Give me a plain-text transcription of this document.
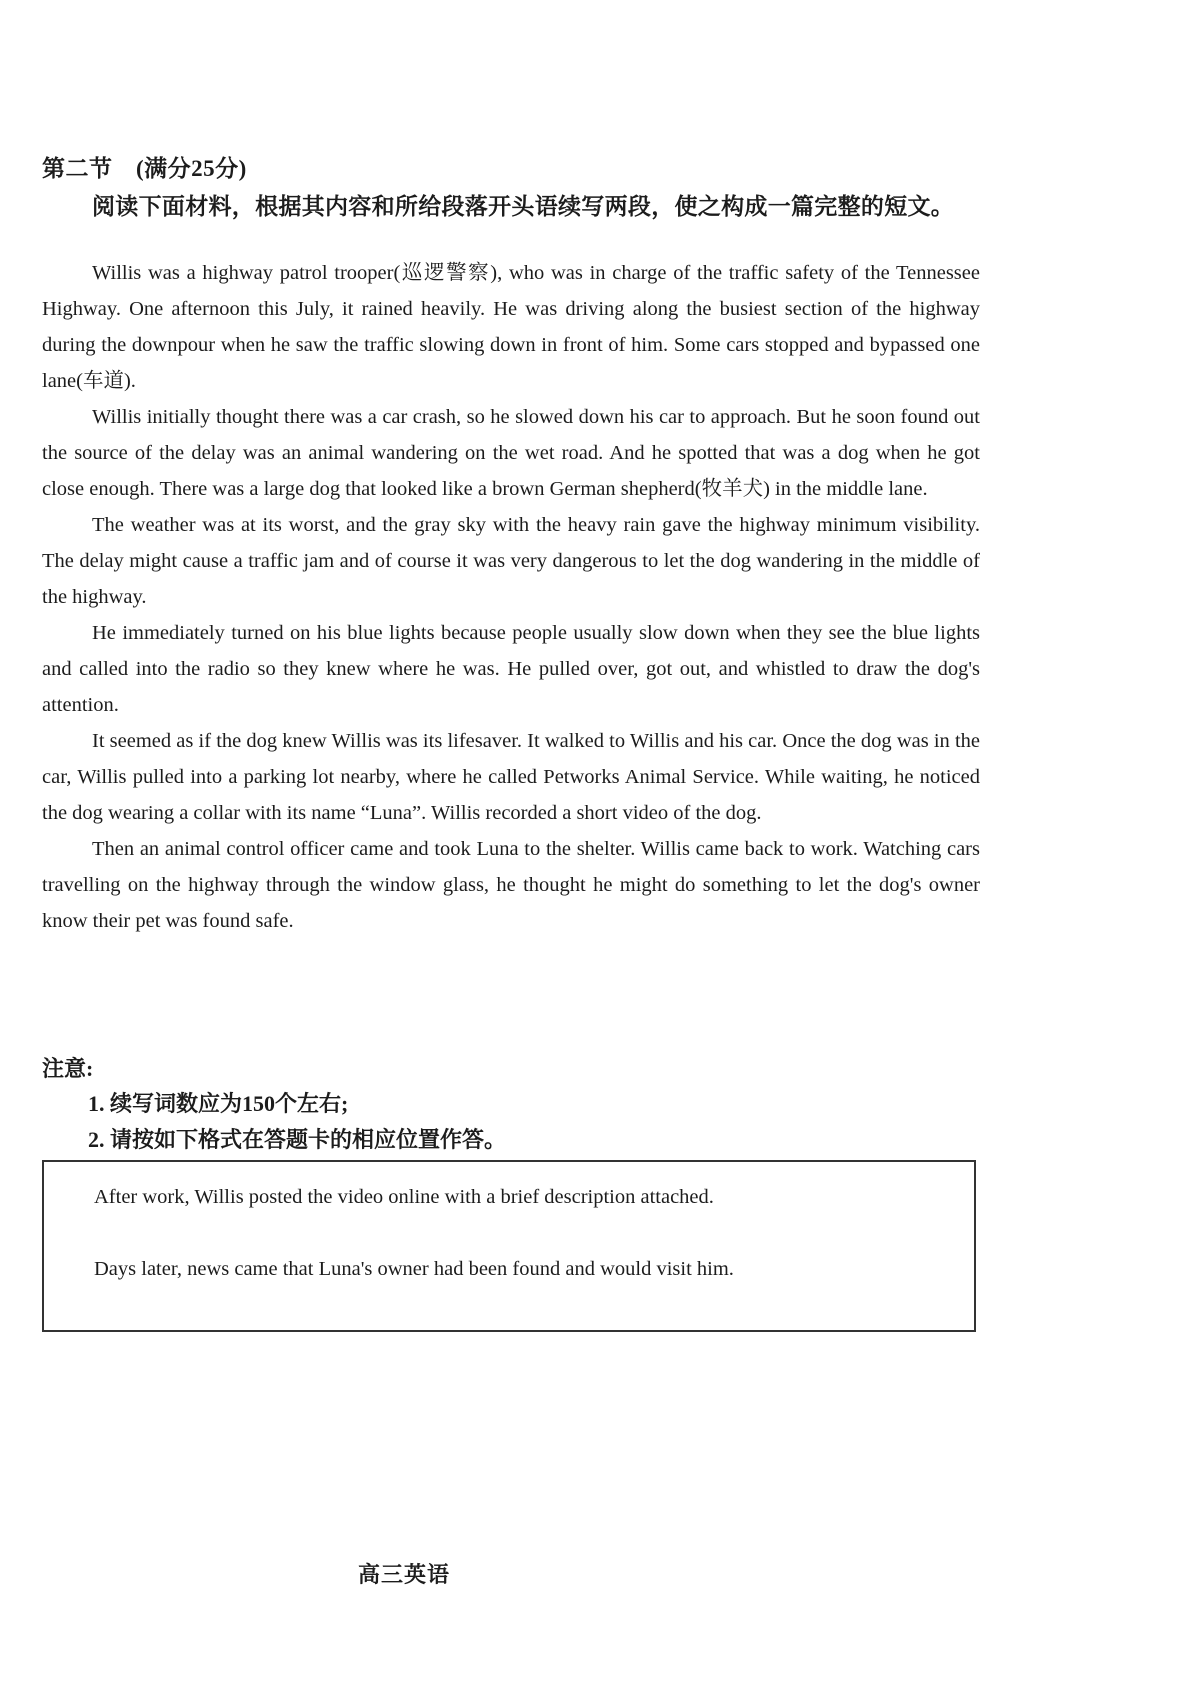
第二节　(满分25分)
阅读下面材料，根据其内容和所给段落开头语续写两段，使之构成一篇完整的短文。

Willis was a highway patrol trooper(巡逻警察), who was in charge of the traffic safety of the Tennessee Highway. One afternoon this July, it rained heavily. He was driving along the busiest section of the highway during the downpour when he saw the traffic slowing down in front of him. Some cars stopped and bypassed one lane(车道).

Willis initially thought there was a car crash, so he slowed down his car to approach. But he soon found out the source of the delay was an animal wandering on the wet road. And he spotted that was a dog when he got close enough. There was a large dog that looked like a brown German shepherd(牧羊犬) in the middle lane.

The weather was at its worst, and the gray sky with the heavy rain gave the highway minimum visibility. The delay might cause a traffic jam and of course it was very dangerous to let the dog wandering in the middle of the highway.

He immediately turned on his blue lights because people usually slow down when they see the blue lights and called into the radio so they knew where he was. He pulled over, got out, and whistled to draw the dog's attention.

It seemed as if the dog knew Willis was its lifesaver. It walked to Willis and his car. Once the dog was in the car, Willis pulled into a parking lot nearby, where he called Petworks Animal Service. While waiting, he noticed the dog wearing a collar with its name “Luna”. Willis recorded a short video of the dog.

Then an animal control officer came and took Luna to the shelter. Willis came back to work. Watching cars travelling on the highway through the window glass, he thought he might do something to let the dog's owner know their pet was found safe.

注意:
1. 续写词数应为150个左右;
2. 请按如下格式在答题卡的相应位置作答。
After work, Willis posted the video online with a brief description attached.
Days later, news came that Luna's owner had been found and would visit him.
高三英语
